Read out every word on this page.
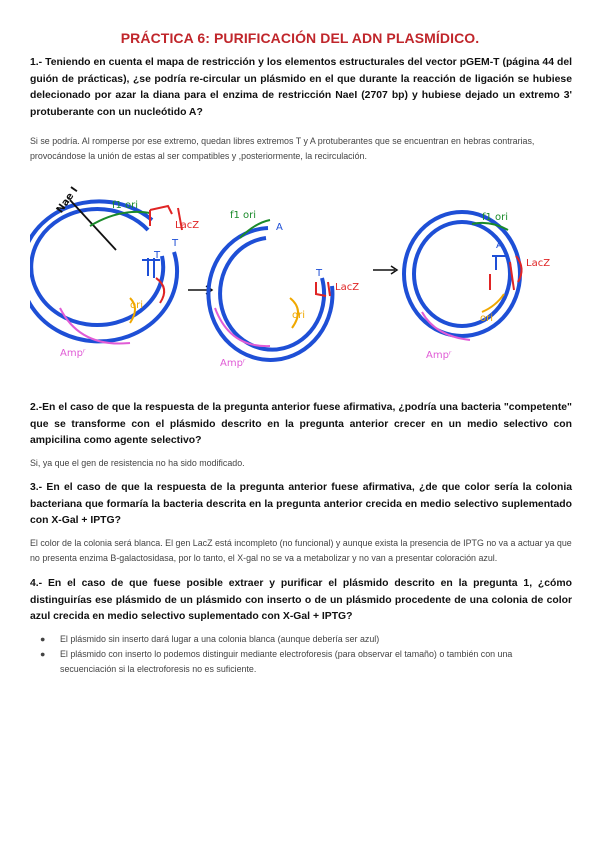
PRÁCTICA 6: PURIFICACIÓN DEL ADN PLASMÍDICO.
1.- Teniendo en cuenta el mapa de restricción y los elementos estructurales del vector pGEM-T (página 44 del guión de prácticas), ¿se podría re-circular un plásmido en el que durante la reacción de ligación se hubiese delecionado por azar la diana para el enzima de restricción NaeI (2707 bp) y hubiese dejado un extremo 3' protuberante con un nucleótido A?
Si se podría. Al romperse por ese extremo, quedan libres extremos T y A protuberantes que se encuentran en hebras contrarias, provocándose la unión de estas al ser compatibles y ,posteriormente, la recirculación.
Nae I	f1 ori
LacZ
T
T
ori
Ampʳ
f1 ori
A
T
LacZ
ori
Ampʳ
f1 ori
A
LacZ
ori
Ampʳ
2.-En el caso de que la respuesta de la pregunta anterior fuese afirmativa, ¿podría una bacteria "competente" que se transforme con el plásmido descrito en la pregunta anterior crecer en un medio selectivo con ampicilina como agente selectivo?
Si, ya que el gen de resistencia no ha sido modificado.
3.- En el caso de que la respuesta de la pregunta anterior fuese afirmativa, ¿de que color sería la colonia bacteriana que formaría la bacteria descrita en la pregunta anterior crecida en medio selectivo suplementado con X-Gal + IPTG?
El color de la colonia será blanca. El gen LacZ está incompleto (no funcional) y aunque exista la presencia de IPTG no va a actuar ya que no presenta enzima B-galactosidasa, por lo tanto, el X-gal no se va a metabolizar y no van a presentar coloración azul.
4.- En el caso de que fuese posible extraer y purificar el plásmido descrito en la pregunta 1, ¿cómo distinguirías ese plásmido de un plásmido con inserto o de un plásmido procedente de una colonia de color azul crecida en medio selectivo suplementado con X-Gal + IPTG?
● El plásmido sin inserto dará lugar a una colonia blanca (aunque debería ser azul)
● El plásmido con inserto lo podemos distinguir mediante electroforesis (para observar el tamaño) o también con una secuenciación si la electroforesis no es suficiente.
